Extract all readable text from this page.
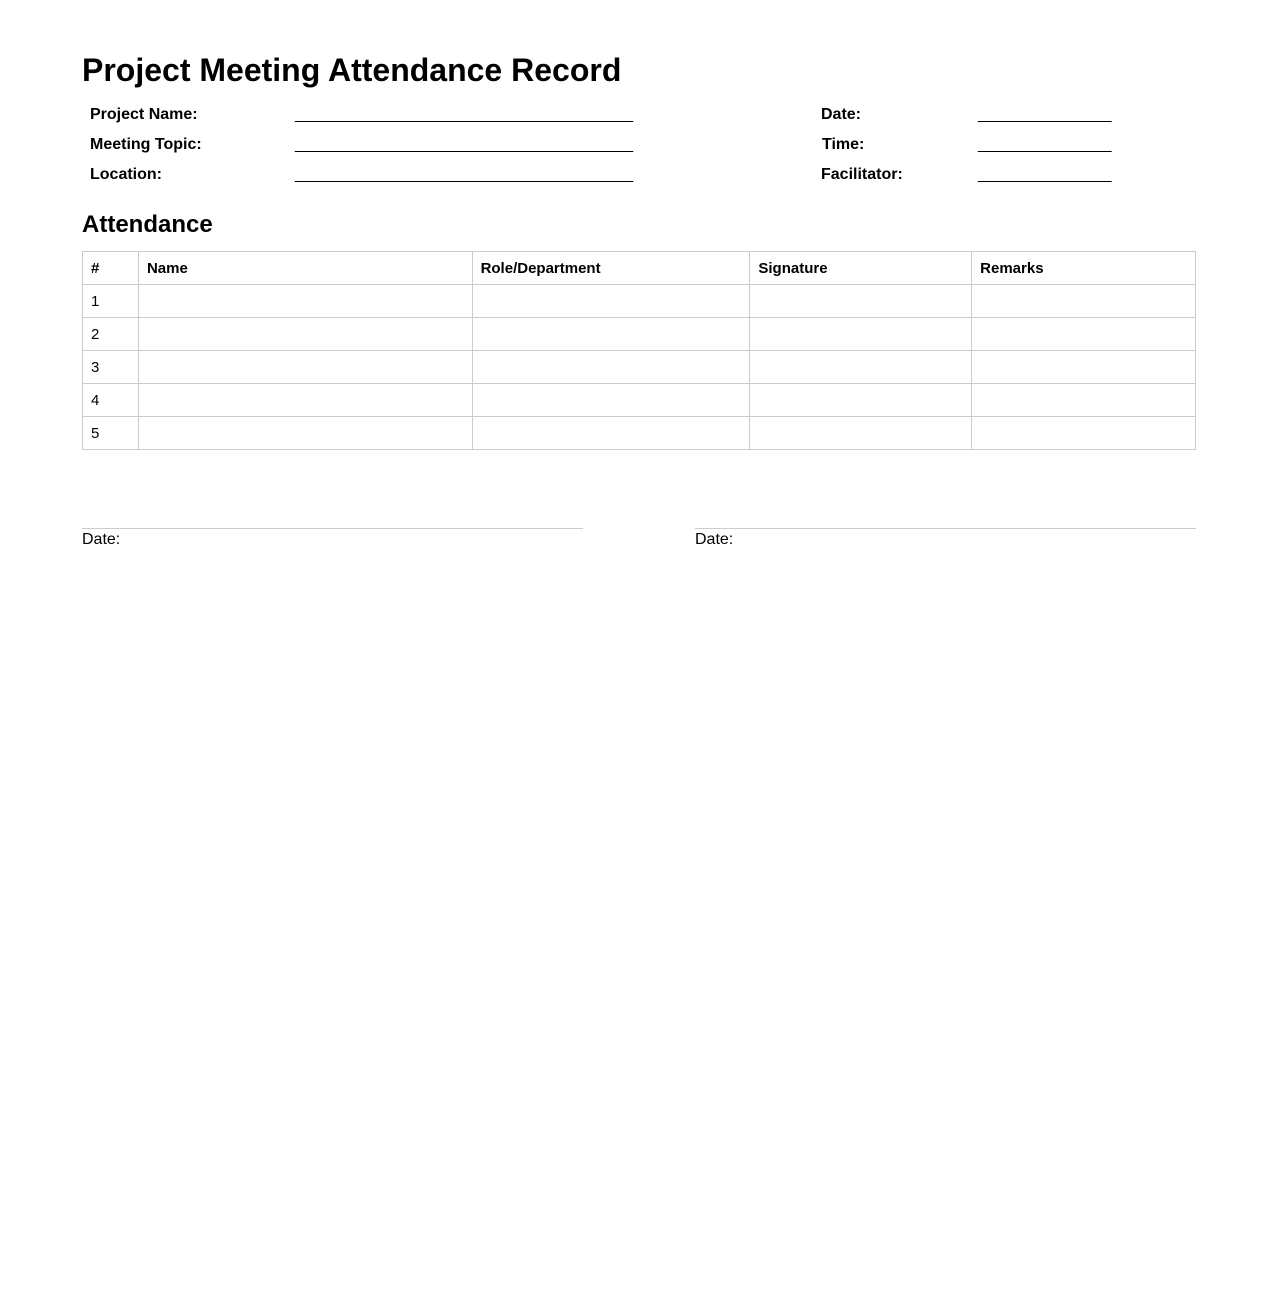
Project Meeting Attendance Record
Project Name:	______________________________________	Date:	_______________
Meeting Topic:	______________________________________	Time:	_______________
Location:	______________________________________	Facilitator:	_______________
Attendance
#	Name	Role/Department	Signature	Remarks
1				
2				
3				
4				
5				
Date:	Date:
